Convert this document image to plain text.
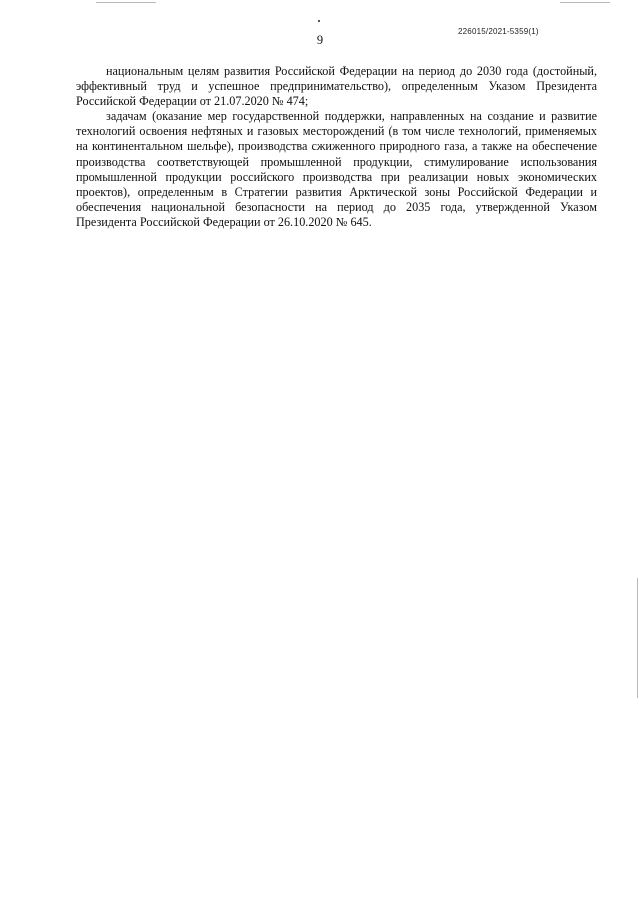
226015/2021-5359(1)
9

национальным целям развития Российской Федерации на период до 2030 года (достойный, эффективный труд и успешное предпринимательство), определенным Указом Президента Российской Федерации от 21.07.2020 № 474;

задачам (оказание мер государственной поддержки, направленных на создание и развитие технологий освоения нефтяных и газовых месторождений (в том числе технологий, применяемых на континентальном шельфе), производства сжиженного природного газа, а также на обеспечение производства соответствующей промышленной продукции, стимулирование использования промышленной продукции российского производства при реализации новых экономических проектов), определенным в Стратегии развития Арктической зоны Российской Федерации и обеспечения национальной безопасности на период до 2035 года, утвержденной Указом Президента Российской Федерации от 26.10.2020 № 645.
